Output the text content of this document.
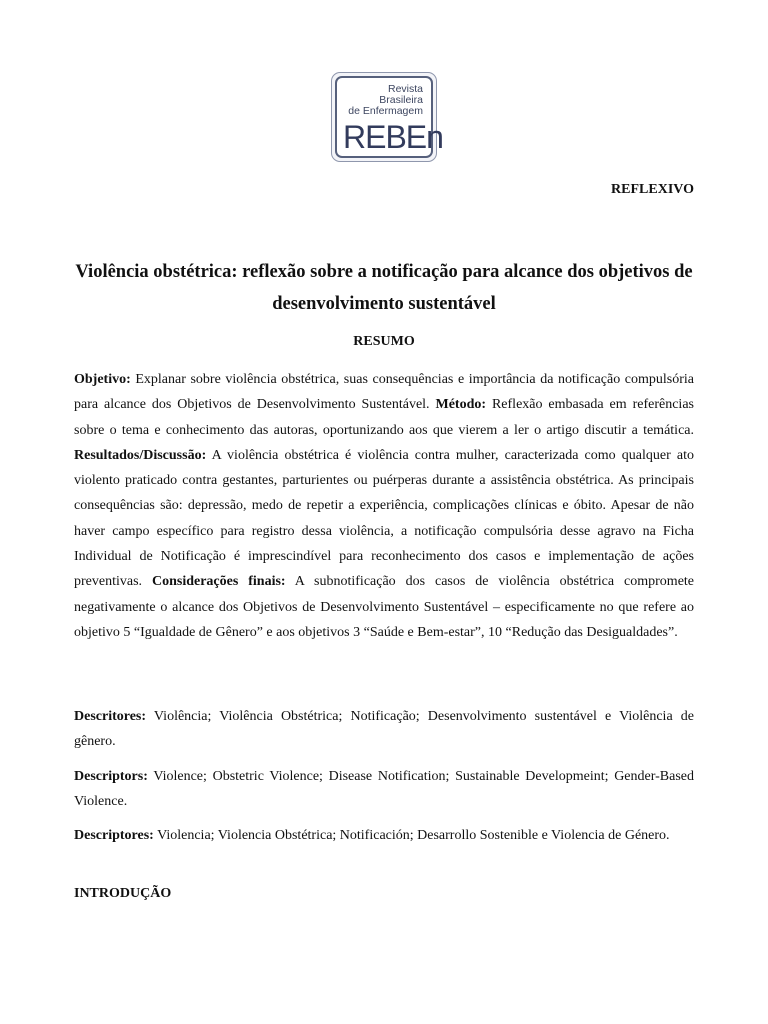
Revista
Brasileira
de Enfermagem
REBEn
REFLEXIVO
Violência obstétrica: reflexão sobre a notificação para alcance dos objetivos de desenvolvimento sustentável
RESUMO

Objetivo: Explanar sobre violência obstétrica, suas consequências e importância da notificação compulsória para alcance dos Objetivos de Desenvolvimento Sustentável. Método: Reflexão embasada em referências sobre o tema e conhecimento das autoras, oportunizando aos que vierem a ler o artigo discutir a temática. Resultados/Discussão: A violência obstétrica é violência contra mulher, caracterizada como qualquer ato violento praticado contra gestantes, parturientes ou puérperas durante a assistência obstétrica. As principais consequências são: depressão, medo de repetir a experiência, complicações clínicas e óbito. Apesar de não haver campo específico para registro dessa violência, a notificação compulsória desse agravo na Ficha Individual de Notificação é imprescindível para reconhecimento dos casos e implementação de ações preventivas. Considerações finais: A subnotificação dos casos de violência obstétrica compromete negativamente o alcance dos Objetivos de Desenvolvimento Sustentável – especificamente no que refere ao objetivo 5 “Igualdade de Gênero” e aos objetivos 3 “Saúde e Bem-estar”, 10 “Redução das Desigualdades”.

Descritores: Violência; Violência Obstétrica; Notificação; Desenvolvimento sustentável e Violência de gênero.

Descriptors: Violence; Obstetric Violence; Disease Notification; Sustainable Developmeint; Gender-Based Violence.

Descriptores: Violencia; Violencia Obstétrica; Notificación; Desarrollo Sostenible e Violencia de Género.

INTRODUÇÃO
